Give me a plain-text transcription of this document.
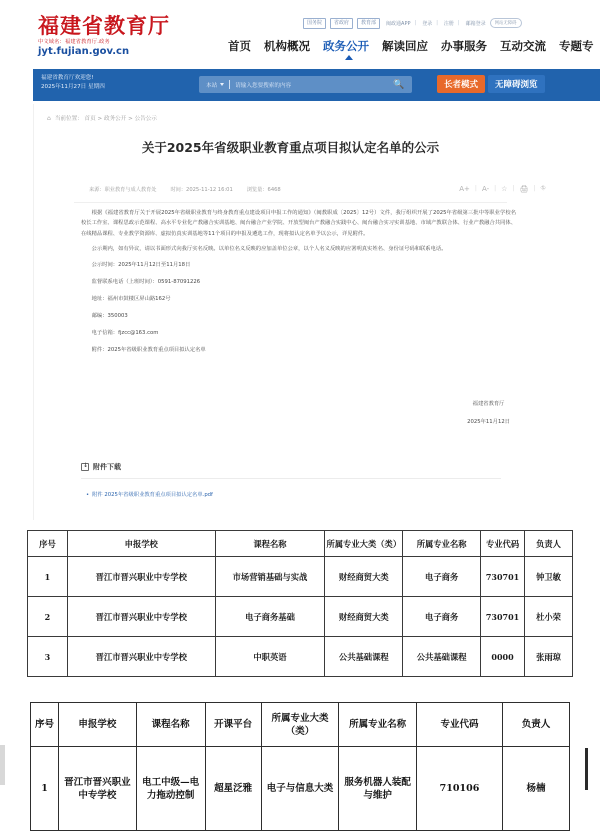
福建省教育厅
中文域名：福建省教育厅.政务
jyt.fujian.gov.cn
国务院	省政府	教育部	闽政通APP | 登录 | 注册 | 邮箱登录	网站无障碍
首页 机构概况 政务公开 解读回应 办事服务 互动交流 专题专
福建省教育厅欢迎您!
2025年11月27日 星期四	本站	请输入您要搜索的内容	🔍	长者模式	无障碍浏览
⌂ 当前位置： 首页 > 政务公开 > 公告公示
关于2025年省级职业教育重点项目拟认定名单的公示
来源：职业教育与成人教育处	时间：2025-11-12 16:01	浏览量：6468	A+ | A- | ☆ | 🖨 | ⛗
根据《福建省教育厅关于开展2025年省级职业教育与终身教育重点建设项目申报工作的通知》（闽教职成〔2025〕12号）文件，我厅组织开展了2025年省级第三批中等职业学校名校长工作室、课程思政示范课程、高水平专业化产教融合实训基地、闽台融合产业学院、开放型闽台产教融合实践中心、闽台融合实习实训基地、市域产教联合体、行业产教融合共同体、在线精品课程、专业教学资源库、虚拟仿真实训基地等11个项目的申报及遴选工作，现将拟认定名单予以公示，详见附件。
公示期内，如有异议，请以书面形式向我厅实名反映。以单位名义反映的应加盖单位公章，以个人名义反映的应署明真实姓名、身份证号码和联系电话。
公示时间：2025年11月12日至11月18日
监督联系电话（上班时间）：0591-87091226
地址：福州市鼓楼区屏山路162号
邮编：350003
电子信箱：fjzcc@163.com
附件：2025年省级职业教育重点项目拟认定名单
福建省教育厅
2025年11月12日
↓
附件下载
• 附件 2025年省级职业教育重点项目拟认定名单.pdf
序号	申报学校	课程名称	所属专业大类（类）	所属专业名称	专业代码	负责人
1	晋江市晋兴职业中专学校	市场营销基础与实战	财经商贸大类	电子商务	730701	钟卫敏
2	晋江市晋兴职业中专学校	电子商务基础	财经商贸大类	电子商务	730701	杜小荣
3	晋江市晋兴职业中专学校	中职英语	公共基础课程	公共基础课程	0000	张雨琼
序号	申报学校	课程名称	开课平台	所属专业大类（类）	所属专业名称	专业代码	负责人
1	晋江市晋兴职业中专学校	电工中级—电力拖动控制	超星泛雅	电子与信息大类	服务机器人装配与维护	710106	杨楠
